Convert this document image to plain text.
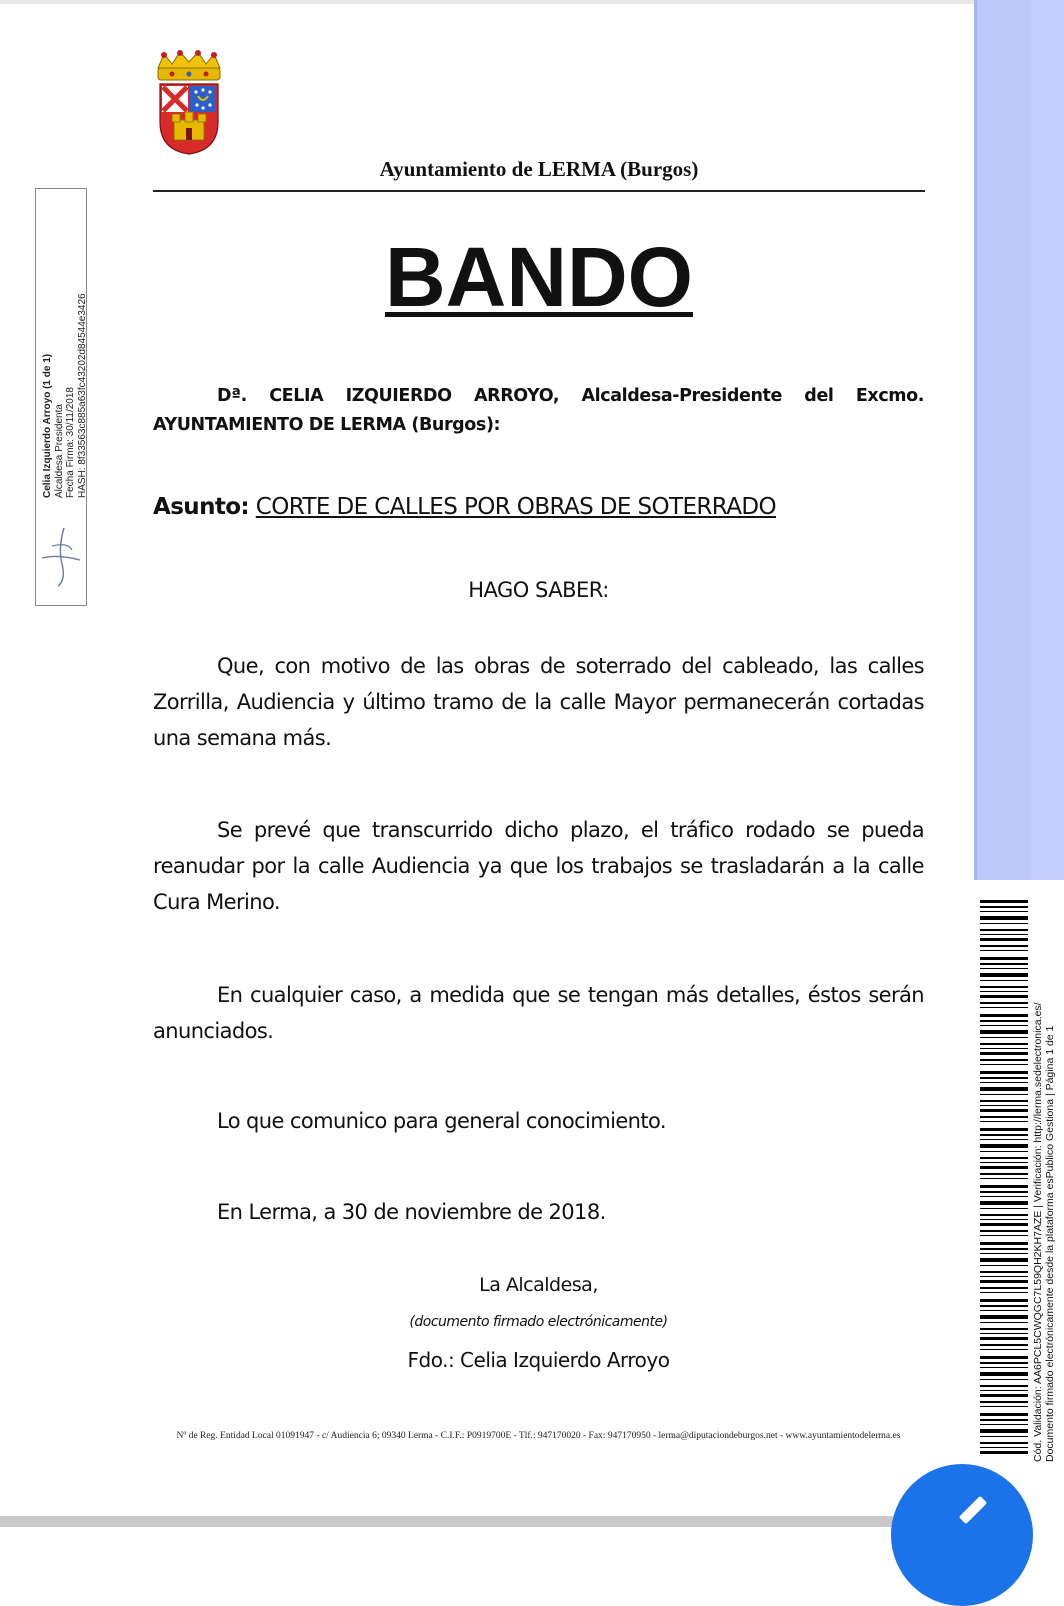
Cód. Validación: AA6PCL5CWQGC7L59QH2KH7AZE | Verificación: http://lerma.sedelectronica.es/ Documento firmado electrónicamente desde la plataforma esPublico Gestiona | Página 1 de 1
Celia Izquierdo Arroyo (1 de 1) Alcaldesa Presidenta Fecha Firma: 30/11/2018 HASH: 8f33563c885a63fc43202d84544e3426
Ayuntamiento de LERMA (Burgos)
BANDO
Dª. CELIA IZQUIERDO ARROYO, Alcaldesa-Presidente del Excmo. AYUNTAMIENTO DE LERMA (Burgos):
Asunto: CORTE DE CALLES POR OBRAS DE SOTERRADO
HAGO SABER:
Que, con motivo de las obras de soterrado del cableado, las calles Zorrilla, Audiencia y último tramo de la calle Mayor permanecerán cortadas una semana más.
Se prevé que transcurrido dicho plazo, el tráfico rodado se pueda reanudar por la calle Audiencia ya que los trabajos se trasladarán a la calle Cura Merino.
En cualquier caso, a medida que se tengan más detalles, éstos serán anunciados.
Lo que comunico para general conocimiento.
En Lerma, a 30 de noviembre de 2018.
La Alcaldesa,
(documento firmado electrónicamente)
Fdo.: Celia Izquierdo Arroyo
Nº de Reg. Entidad Local 01091947 - c/ Audiencia 6; 09340 Lerma - C.I.F.: P0919700E - Tlf.: 947170020 - Fax: 947170950 - lerma@diputaciondeburgos.net - www.ayuntamientodelerma.es
